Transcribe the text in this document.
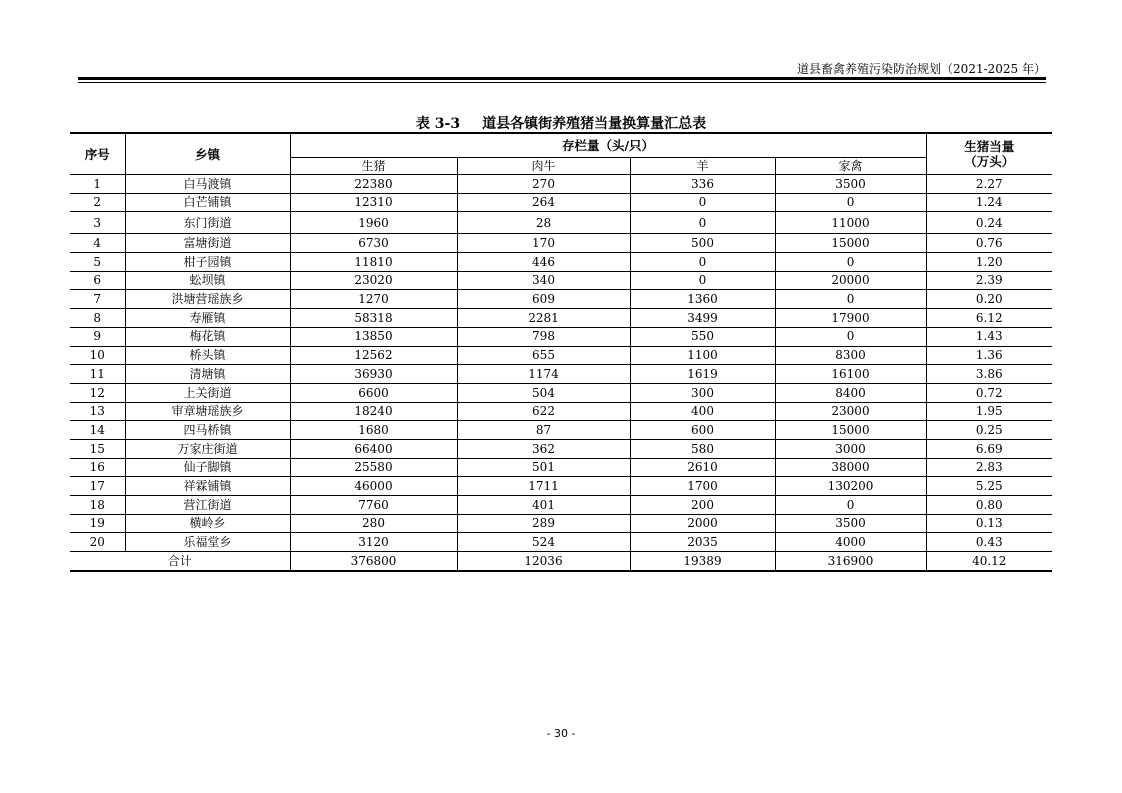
道县畜禽养殖污染防治规划（2021-2025 年）
表 3-3 道县各镇街养殖猪当量换算量汇总表
序号	乡镇	存栏量（头/只）				生猪当量
（万头）

		生猪	肉牛	羊	家禽	
1	白马渡镇	22380	270	336	3500	2.27
2	白芒铺镇	12310	264	0	0	1.24
3	东门街道	1960	28	0	11000	0.24
4	富塘街道	6730	170	500	15000	0.76
5	柑子园镇	11810	446	0	0	1.20
6	蚣坝镇	23020	340	0	20000	2.39
7	洪塘营瑶族乡	1270	609	1360	0	0.20
8	寿雁镇	58318	2281	3499	17900	6.12
9	梅花镇	13850	798	550	0	1.43
10	桥头镇	12562	655	1100	8300	1.36
11	清塘镇	36930	1174	1619	16100	3.86
12	上关街道	6600	504	300	8400	0.72
13	审章塘瑶族乡	18240	622	400	23000	1.95
14	四马桥镇	1680	87	600	15000	0.25
15	万家庄街道	66400	362	580	3000	6.69
16	仙子脚镇	25580	501	2610	38000	2.83
17	祥霖铺镇	46000	1711	1700	130200	5.25
18	营江街道	7760	401	200	0	0.80
19	横岭乡	280	289	2000	3500	0.13
20	乐福堂乡	3120	524	2035	4000	0.43
合计		376800	12036	19389	316900	40.12
- 30 -
